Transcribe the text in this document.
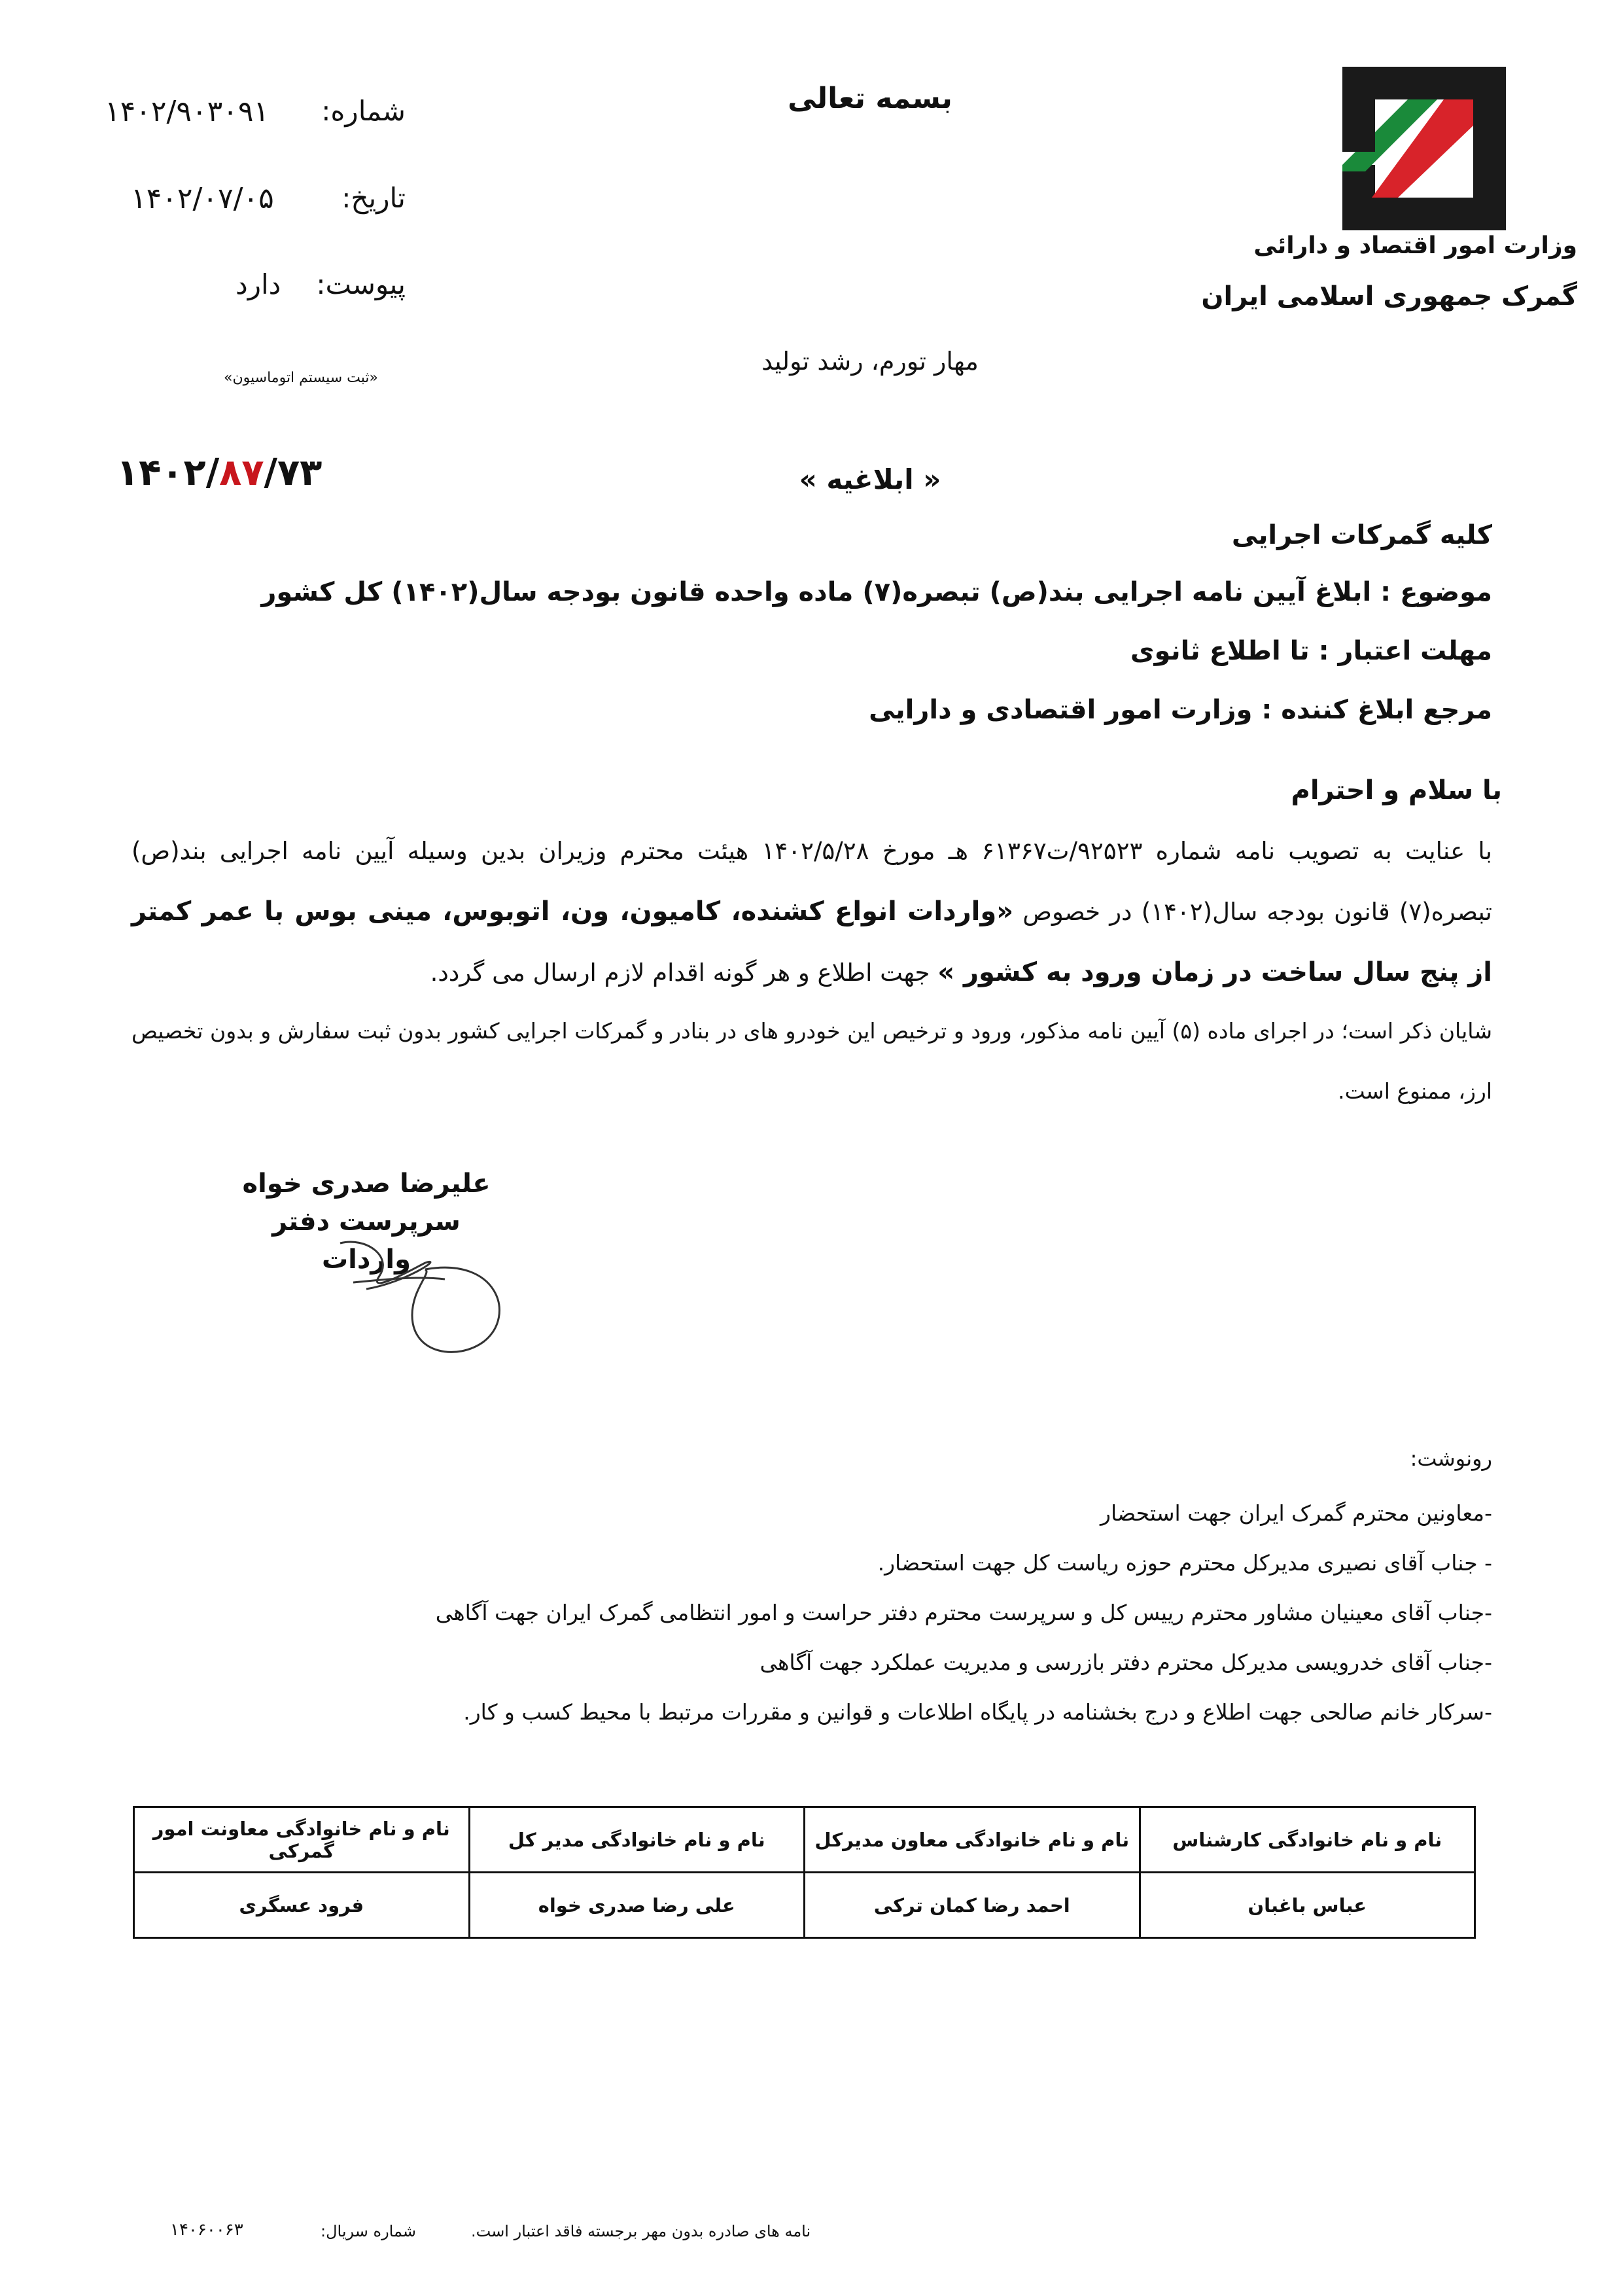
وزارت امور اقتصاد و دارائی
گمرک جمهوری اسلامی ایران
بسمه تعالی
مهار تورم، رشد تولید
شماره:
۱۴۰۲/۹۰۳۰۹۱
تاریخ:
۱۴۰۲/۰۷/۰۵
پیوست:
دارد
«ثبت سیستم اتوماسیون»
۱۴۰۲/۸۷/۷۳	« ابلاغیه »
کلیه گمرکات اجرایی
موضوع : ابلاغ آیین نامه اجرایی بند(ص) تبصره(۷) ماده واحده قانون بودجه سال(۱۴۰۲) کل کشور
مهلت اعتبار : تا اطلاع ثانوی
مرجع ابلاغ کننده : وزارت امور اقتصادی و دارایی
با سلام و احترام
با عنایت به تصویب نامه شماره ۹۲۵۲۳/ت۶۱۳۶۷ هـ مورخ ۱۴۰۲/۵/۲۸ هیئت محترم وزیران بدین وسیله آیین نامه اجرایی بند(ص) تبصره(۷) قانون بودجه سال(۱۴۰۲) در خصوص «واردات انواع کشنده، کامیون، ون، اتوبوس، مینی بوس با عمر کمتر از پنج سال ساخت در زمان ورود به کشور » جهت اطلاع و هر گونه اقدام لازم ارسال می گردد.
شایان ذکر است؛ در اجرای ماده (۵) آیین نامه مذکور، ورود و ترخیص این خودرو های در بنادر و گمرکات اجرایی کشور بدون ثبت سفارش و بدون تخصیص ارز، ممنوع است.
علیرضا صدری خواه
سرپرست دفتر واردات
رونوشت:
-معاونین محترم گمرک ایران جهت استحضار
- جناب آقای نصیری مدیرکل محترم حوزه ریاست کل جهت استحضار.
-جناب آقای معینیان مشاور محترم رییس کل و سرپرست محترم دفتر حراست و امور انتظامی گمرک ایران جهت آگاهی
-جناب آقای خدرویسی مدیرکل محترم دفتر بازرسی و مدیریت عملکرد جهت آگاهی
-سرکار خانم صالحی جهت اطلاع و درج بخشنامه در پایگاه اطلاعات و قوانین و مقررات مرتبط با محیط کسب و کار.
نام و نام خانوادگی کارشناس	نام و نام خانوادگی معاون مدیرکل	نام و نام خانوادگی مدیر کل	نام و نام خانوادگی معاونت امور گمرکی
عباس باغبان	احمد رضا کمان ترکی	علی رضا صدری خواه	فرود عسگری
نامه های صادره بدون مهر برجسته فاقد اعتبار است.
شماره سریال:
۱۴۰۶۰۰۶۳
